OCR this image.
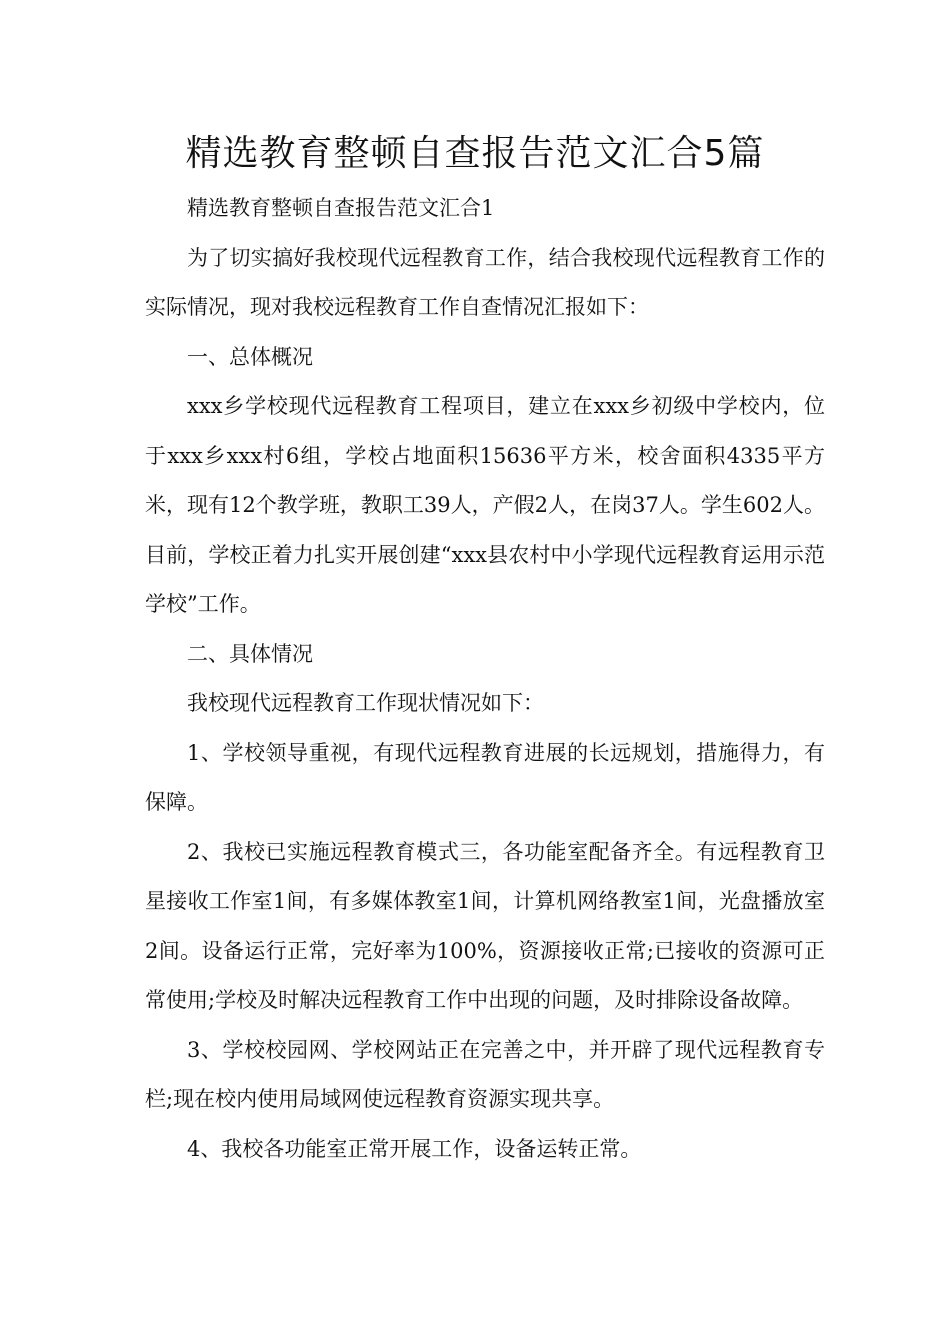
精选教育整顿自查报告范文汇合5篇

精选教育整顿自查报告范文汇合1

为了切实搞好我校现代远程教育工作，结合我校现代远程教育工作的实际情况，现对我校远程教育工作自查情况汇报如下：

一、总体概况

xxx乡学校现代远程教育工程项目，建立在xxx乡初级中学校内，位于xxx乡xxx村6组，学校占地面积15636平方米，校舍面积4335平方米，现有12个教学班，教职工39人，产假2人，在岗37人。学生602人。目前，学校正着力扎实开展创建“xxx县农村中小学现代远程教育运用示范学校”工作。

二、具体情况

我校现代远程教育工作现状情况如下：

1、学校领导重视，有现代远程教育进展的长远规划，措施得力，有保障。

2、我校已实施远程教育模式三，各功能室配备齐全。有远程教育卫星接收工作室1间，有多媒体教室1间，计算机网络教室1间，光盘播放室2间。设备运行正常，完好率为100%，资源接收正常;已接收的资源可正常使用;学校及时解决远程教育工作中出现的问题，及时排除设备故障。

3、学校校园网、学校网站正在完善之中，并开辟了现代远程教育专栏;现在校内使用局域网使远程教育资源实现共享。

4、我校各功能室正常开展工作，设备运转正常。
